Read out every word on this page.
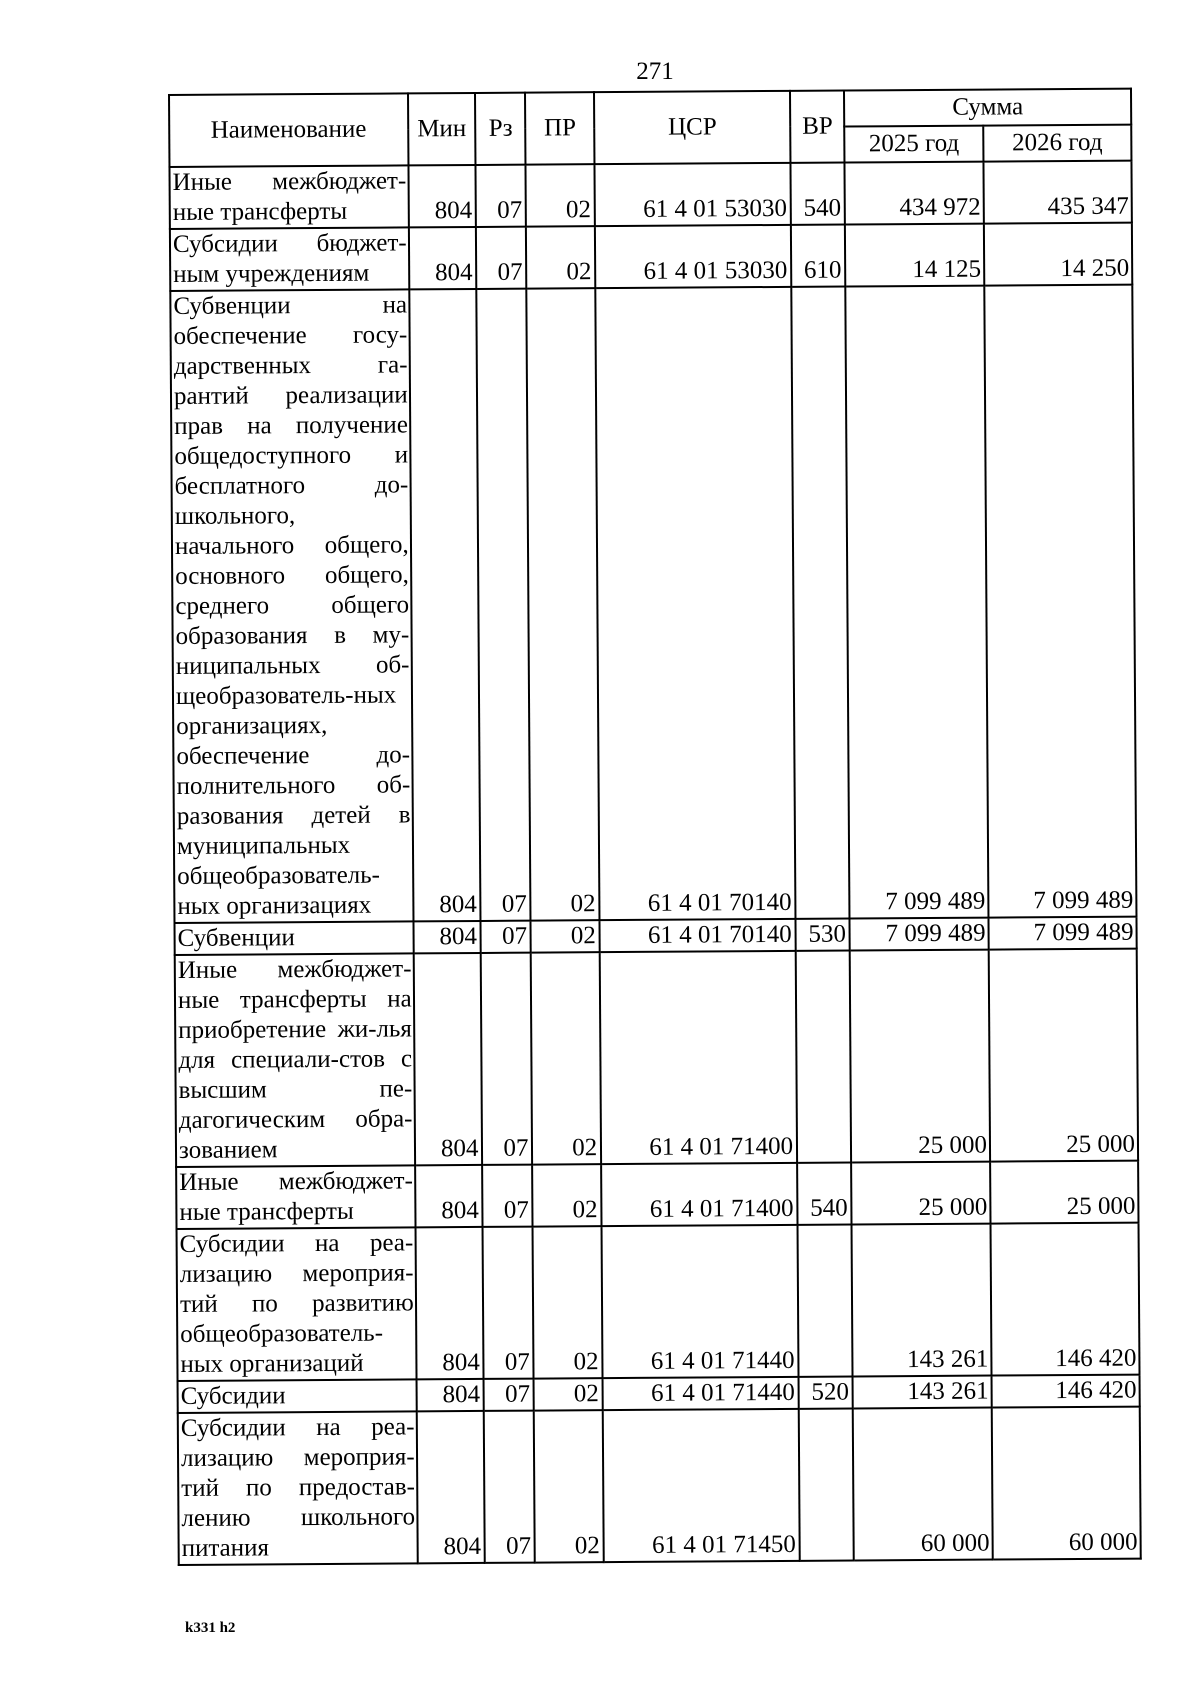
271
Наименование	Мин	Рз	ПР	ЦСР	ВР	Сумма	
						2025 год	2026 год
Иные межбюджет-ные трансферты	804	07	02	61 4 01 53030	540	434 972	435 347
Субсидии бюджет-ным учреждениям	804	07	02	61 4 01 53030	610	14 125	14 250
Субвенции на обеспечение госу-дарственных га-рантий реализации прав на получение общедоступного и бесплатного до-школьного, начального общего, основного общего, среднего общего образования в му-ниципальных об-щеобразователь-ных организациях, обеспечение до-полнительного об-разования детей в муниципальных общеобразователь-ных организациях	804	07	02	61 4 01 70140		7 099 489	7 099 489
Субвенции	804	07	02	61 4 01 70140	530	7 099 489	7 099 489
Иные межбюджет-ные трансферты на приобретение жи-лья для специали-стов с высшим пе-дагогическим обра-зованием	804	07	02	61 4 01 71400		25 000	25 000
Иные межбюджет-ные трансферты	804	07	02	61 4 01 71400	540	25 000	25 000
Субсидии на реа-лизацию мероприя-тий по развитию общеобразователь-ных организаций	804	07	02	61 4 01 71440		143 261	146 420
Субсидии	804	07	02	61 4 01 71440	520	143 261	146 420
Субсидии на реа-лизацию мероприя-тий по предостав-лению школьного питания	804	07	02	61 4 01 71450		60 000	60 000
k331 h2
